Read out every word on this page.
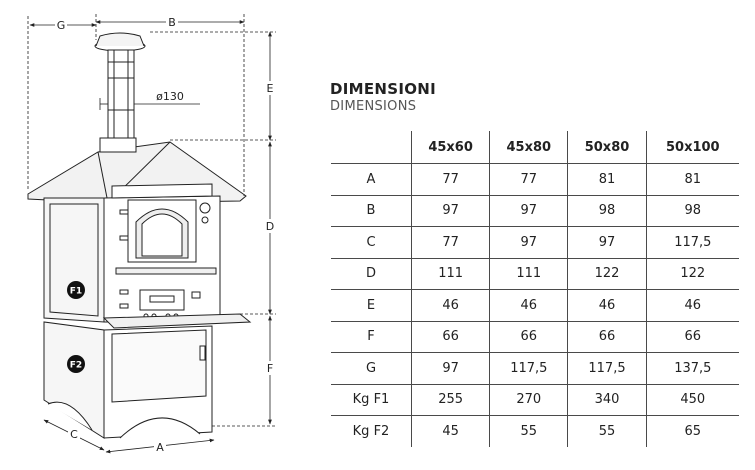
F1
F2
G	B
E
D
F
ø130
C
A
DIMENSIONI
DIMENSIONS
	45x60	45x80	50x80	50x100
A	77	77	81	81
B	97	97	98	98
C	77	97	97	117,5
D	111	111	122	122
E	46	46	46	46
F	66	66	66	66
G	97	117,5	117,5	137,5
Kg F1	255	270	340	450
Kg F2	45	55	55	65
